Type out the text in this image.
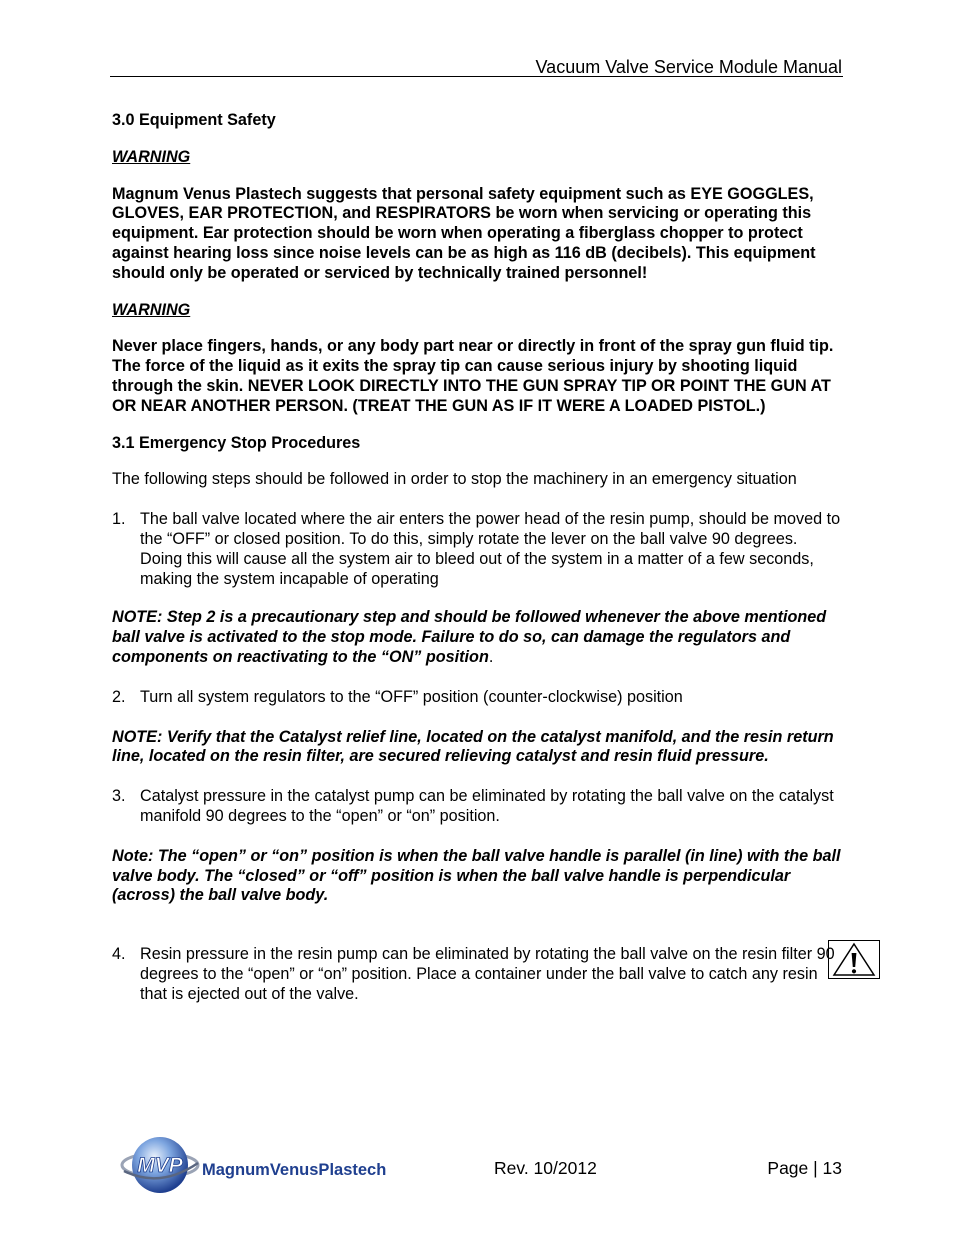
Vacuum Valve Service Module Manual

3.0 Equipment Safety

WARNING

Magnum Venus Plastech suggests that personal safety equipment such as EYE GOGGLES, GLOVES, EAR PROTECTION, and RESPIRATORS be worn when servicing or operating this equipment. Ear protection should be worn when operating a fiberglass chopper to protect against hearing loss since noise levels can be as high as 116 dB (decibels). This equipment should only be operated or serviced by technically trained personnel!

WARNING

Never place fingers, hands, or any body part near or directly in front of the spray gun fluid tip. The force of the liquid as it exits the spray tip can cause serious injury by shooting liquid through the skin. NEVER LOOK DIRECTLY INTO THE GUN SPRAY TIP OR POINT THE GUN AT OR NEAR ANOTHER PERSON. (TREAT THE GUN AS IF IT WERE A LOADED PISTOL.)

3.1 Emergency Stop Procedures

The following steps should be followed in order to stop the machinery in an emergency situation

1. The ball valve located where the air enters the power head of the resin pump, should be moved to the “OFF” or closed position. To do this, simply rotate the lever on the ball valve 90 degrees. Doing this will cause all the system air to bleed out of the system in a matter of a few seconds, making the system incapable of operating

NOTE: Step 2 is a precautionary step and should be followed whenever the above mentioned ball valve is activated to the stop mode. Failure to do so, can damage the regulators and components on reactivating to the “ON” position.

2. Turn all system regulators to the “OFF” position (counter-clockwise) position

NOTE: Verify that the Catalyst relief line, located on the catalyst manifold, and the resin return line, located on the resin filter, are secured relieving catalyst and resin fluid pressure.

3. Catalyst pressure in the catalyst pump can be eliminated by rotating the ball valve on the catalyst manifold 90 degrees to the “open” or “on” position.

Note: The “open” or “on” position is when the ball valve handle is parallel (in line) with the ball valve body. The “closed” or “off” position is when the ball valve handle is perpendicular (across) the ball valve body.

4. Resin pressure in the resin pump can be eliminated by rotating the ball valve on the resin filter 90 degrees to the “open” or “on” position. Place a container under the ball valve to catch any resin that is ejected out of the valve.
MVP MagnumVenusPlastech	Rev. 10/2012	Page | 13
